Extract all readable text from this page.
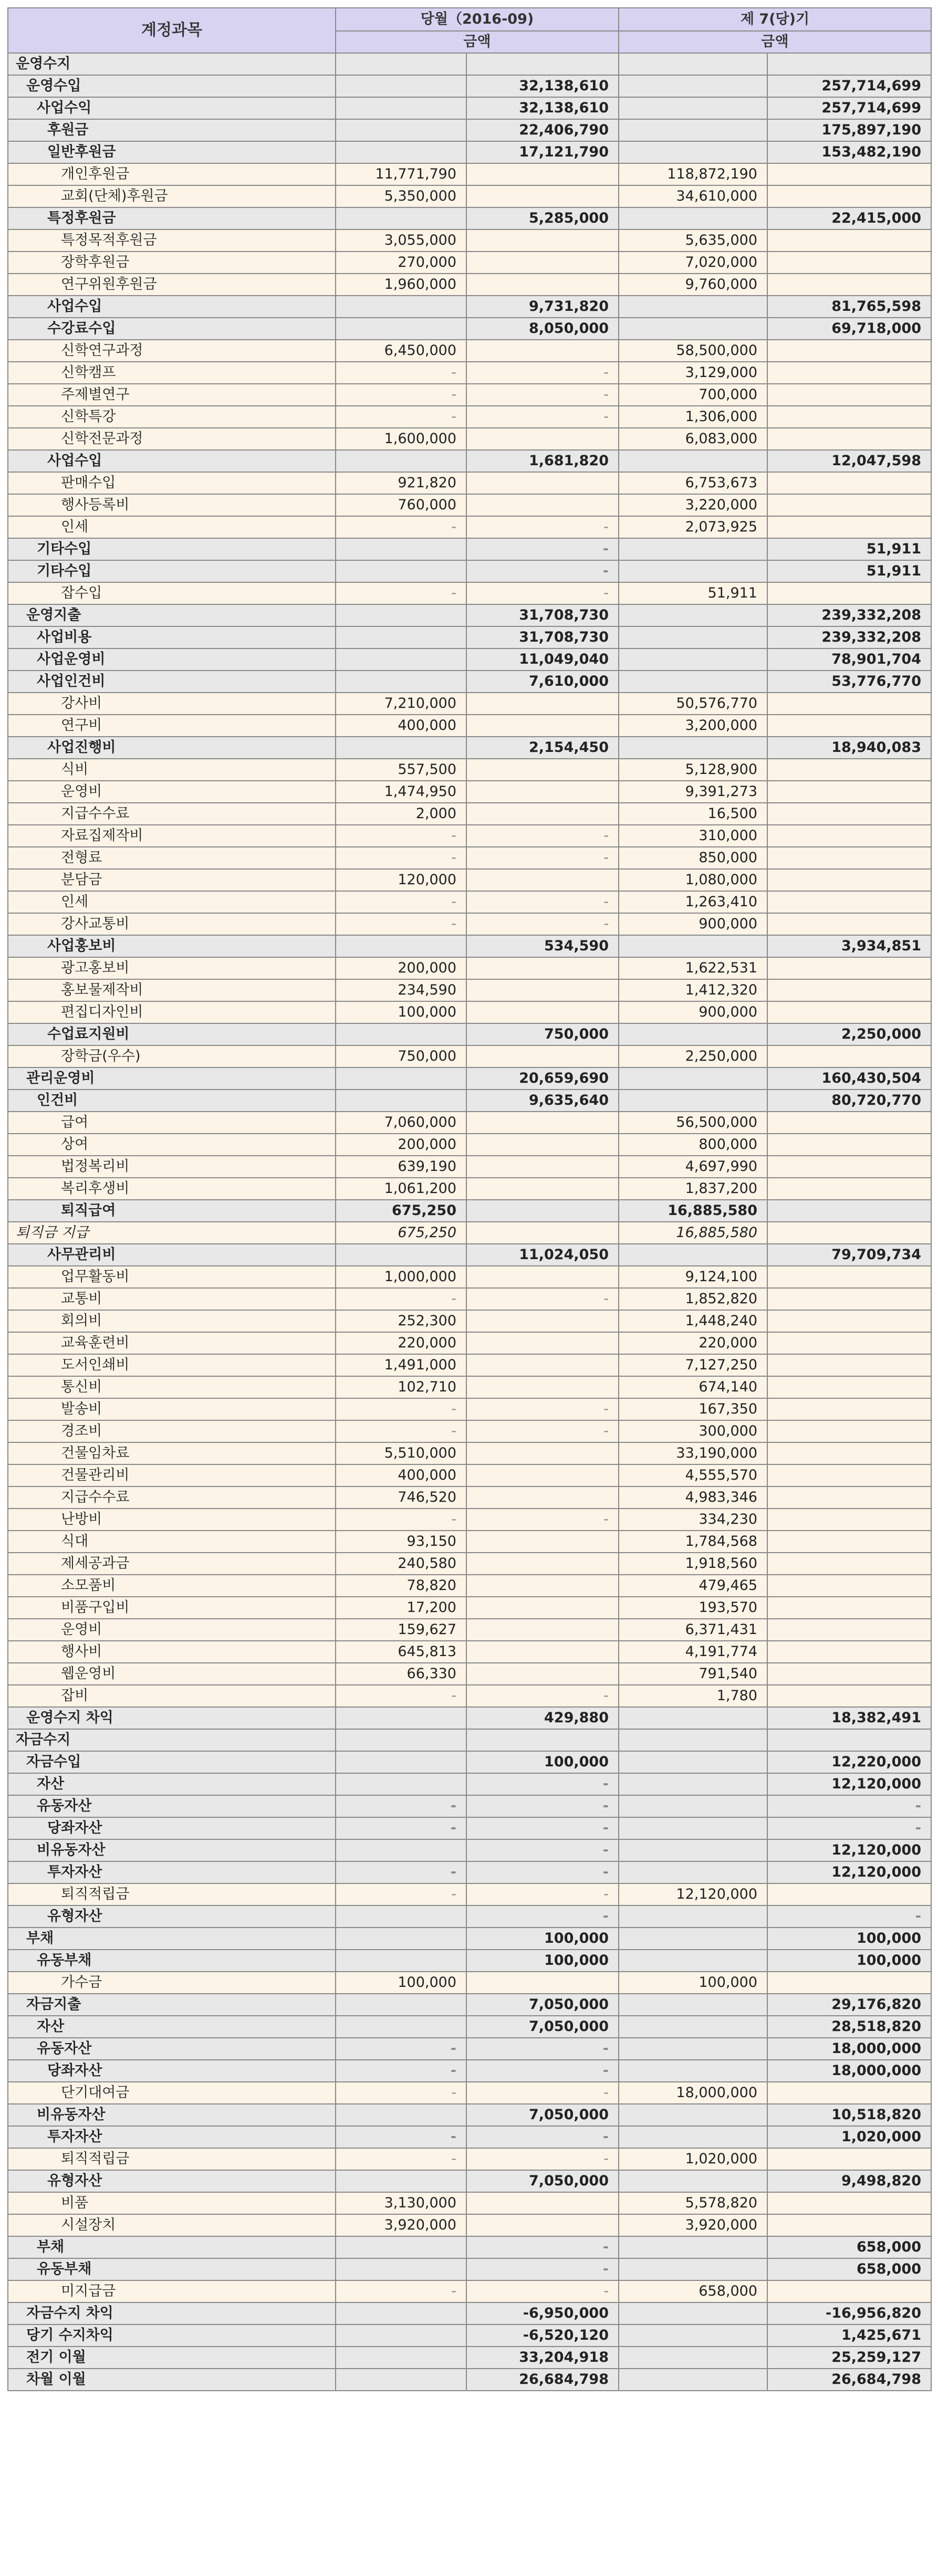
계정과목	당월（2016-09)		제 7(당)기	
	금액		금액	
운영수지				
운영수입		32,138,610		257,714,699
사업수익		32,138,610		257,714,699
후원금		22,406,790		175,897,190
일반후원금		17,121,790		153,482,190
개인후원금	11,771,790		118,872,190	
교회(단체)후원금	5,350,000		34,610,000	
특정후원금		5,285,000		22,415,000
특정목적후원금	3,055,000		5,635,000	
장학후원금	270,000		7,020,000	
연구위원후원금	1,960,000		9,760,000	
사업수입		9,731,820		81,765,598
수강료수입		8,050,000		69,718,000
신학연구과정	6,450,000		58,500,000	
신학캠프	-	-	3,129,000	
주제별연구	-	-	700,000	
신학특강	-	-	1,306,000	
신학전문과정	1,600,000		6,083,000	
사업수입		1,681,820		12,047,598
판매수입	921,820		6,753,673	
행사등록비	760,000		3,220,000	
인세	-	-	2,073,925	
기타수입		-		51,911
기타수입		-		51,911
잡수입	-	-	51,911	
운영지출		31,708,730		239,332,208
사업비용		31,708,730		239,332,208
사업운영비		11,049,040		78,901,704
사업인건비		7,610,000		53,776,770
강사비	7,210,000		50,576,770	
연구비	400,000		3,200,000	
사업진행비		2,154,450		18,940,083
식비	557,500		5,128,900	
운영비	1,474,950		9,391,273	
지급수수료	2,000		16,500	
자료집제작비	-	-	310,000	
전형료	-	-	850,000	
분담금	120,000		1,080,000	
인세	-	-	1,263,410	
강사교통비	-	-	900,000	
사업홍보비		534,590		3,934,851
광고홍보비	200,000		1,622,531	
홍보물제작비	234,590		1,412,320	
편집디자인비	100,000		900,000	
수업료지원비		750,000		2,250,000
장학금(우수)	750,000		2,250,000	
관리운영비		20,659,690		160,430,504
인건비		9,635,640		80,720,770
급여	7,060,000		56,500,000	
상여	200,000		800,000	
법정복리비	639,190		4,697,990	
복리후생비	1,061,200		1,837,200	
퇴직급여	675,250		16,885,580	
퇴직금 지급	675,250		16,885,580	
사무관리비		11,024,050		79,709,734
업무활동비	1,000,000		9,124,100	
교통비	-	-	1,852,820	
회의비	252,300		1,448,240	
교육훈련비	220,000		220,000	
도서인쇄비	1,491,000		7,127,250	
통신비	102,710		674,140	
발송비	-	-	167,350	
경조비	-	-	300,000	
건물임차료	5,510,000		33,190,000	
건물관리비	400,000		4,555,570	
지급수수료	746,520		4,983,346	
난방비	-	-	334,230	
식대	93,150		1,784,568	
제세공과금	240,580		1,918,560	
소모품비	78,820		479,465	
비품구입비	17,200		193,570	
운영비	159,627		6,371,431	
행사비	645,813		4,191,774	
웹운영비	66,330		791,540	
잡비	-	-	1,780	
운영수지 차익		429,880		18,382,491
자금수지				
자금수입		100,000		12,220,000
자산		-		12,120,000
유동자산	-	-		-
당좌자산	-	-		-
비유동자산		-		12,120,000
투자자산	-	-		12,120,000
퇴직적립금	-	-	12,120,000	
유형자산		-		-
부채		100,000		100,000
유동부채		100,000		100,000
가수금	100,000		100,000	
자금지출		7,050,000		29,176,820
자산		7,050,000		28,518,820
유동자산	-	-		18,000,000
당좌자산	-	-		18,000,000
단기대여금	-	-	18,000,000	
비유동자산		7,050,000		10,518,820
투자자산	-	-		1,020,000
퇴직적립금	-	-	1,020,000	
유형자산		7,050,000		9,498,820
비품	3,130,000		5,578,820	
시설장치	3,920,000		3,920,000	
부채		-		658,000
유동부채		-		658,000
미지급금	-	-	658,000	
자금수지 차익		-6,950,000		-16,956,820
당기 수지차익		-6,520,120		1,425,671
전기 이월		33,204,918		25,259,127
차월 이월		26,684,798		26,684,798
